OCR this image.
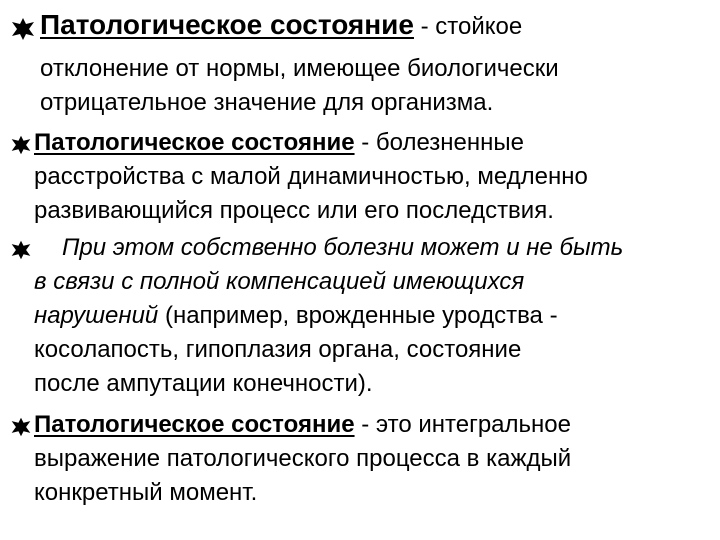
Патологическое состояние - стойкое
отклонение от нормы, имеющее биологически
отрицательное значение для организма.
Патологическое состояние - болезненные
расстройства с малой динамичностью, медленно
развивающийся процесс или его последствия.
При этом собственно болезни может и не быть
в связи с полной компенсацией имеющихся
нарушений (например, врожденные уродства -
косолапость, гипоплазия органа, состояние
после ампутации конечности).
Патологическое состояние - это интегральное
выражение патологического процесса в каждый
конкретный момент.
